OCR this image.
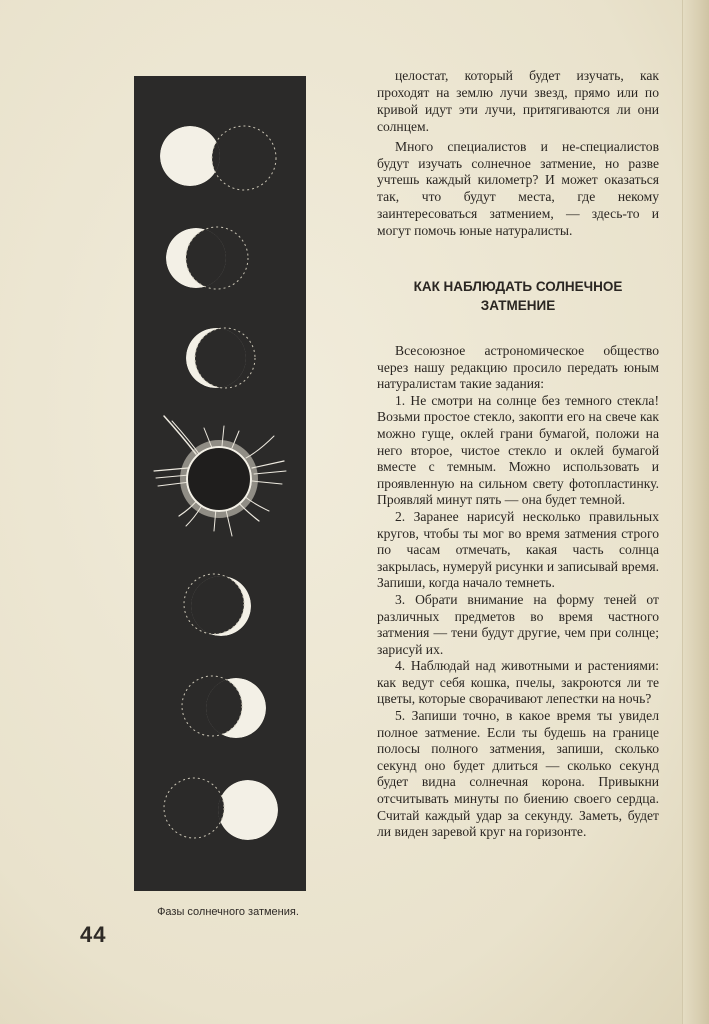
Фазы солнечного затмения.
44

целостат, который будет изучать, как проходят на землю лучи звезд, прямо или по кривой идут эти лучи, притягиваются ли они солнцем.

Много специалистов и не-специалистов будут изучать солнечное затмение, но разве учтешь каждый километр? И может оказаться так, что будут места, где некому заинтересоваться затмением, — здесь-то и могут помочь юные натуралисты.

КАК НАБЛЮДАТЬ СОЛНЕЧНОЕ ЗАТМЕНИЕ

Всесоюзное астрономическое общество через нашу редакцию просило передать юным натуралистам такие задания:

1. Не смотри на солнце без темного стекла! Возьми простое стекло, закопти его на свече как можно гуще, оклей грани бумагой, положи на него второе, чистое стекло и оклей бумагой вместе с темным. Можно использовать и проявленную на сильном свету фотопластинку. Проявляй минут пять — она будет темной.

2. Заранее нарисуй несколько правильных кругов, чтобы ты мог во время затмения строго по часам отмечать, какая часть солнца закрылась, нумеруй рисунки и записывай время. Запиши, когда начало темнеть.

3. Обрати внимание на форму теней от различных предметов во время частного затмения — тени будут другие, чем при солнце; зарисуй их.

4. Наблюдай над животными и растениями: как ведут себя кошка, пчелы, закроются ли те цветы, которые сворачивают лепестки на ночь?

5. Запиши точно, в какое время ты увидел полное затмение. Если ты будешь на границе полосы полного затмения, запиши, сколько секунд оно будет длиться — сколько секунд будет видна солнечная корона. Привыкни отсчитывать минуты по биению своего сердца. Считай каждый удар за секунду. Заметь, будет ли виден заревой круг на горизонте.
